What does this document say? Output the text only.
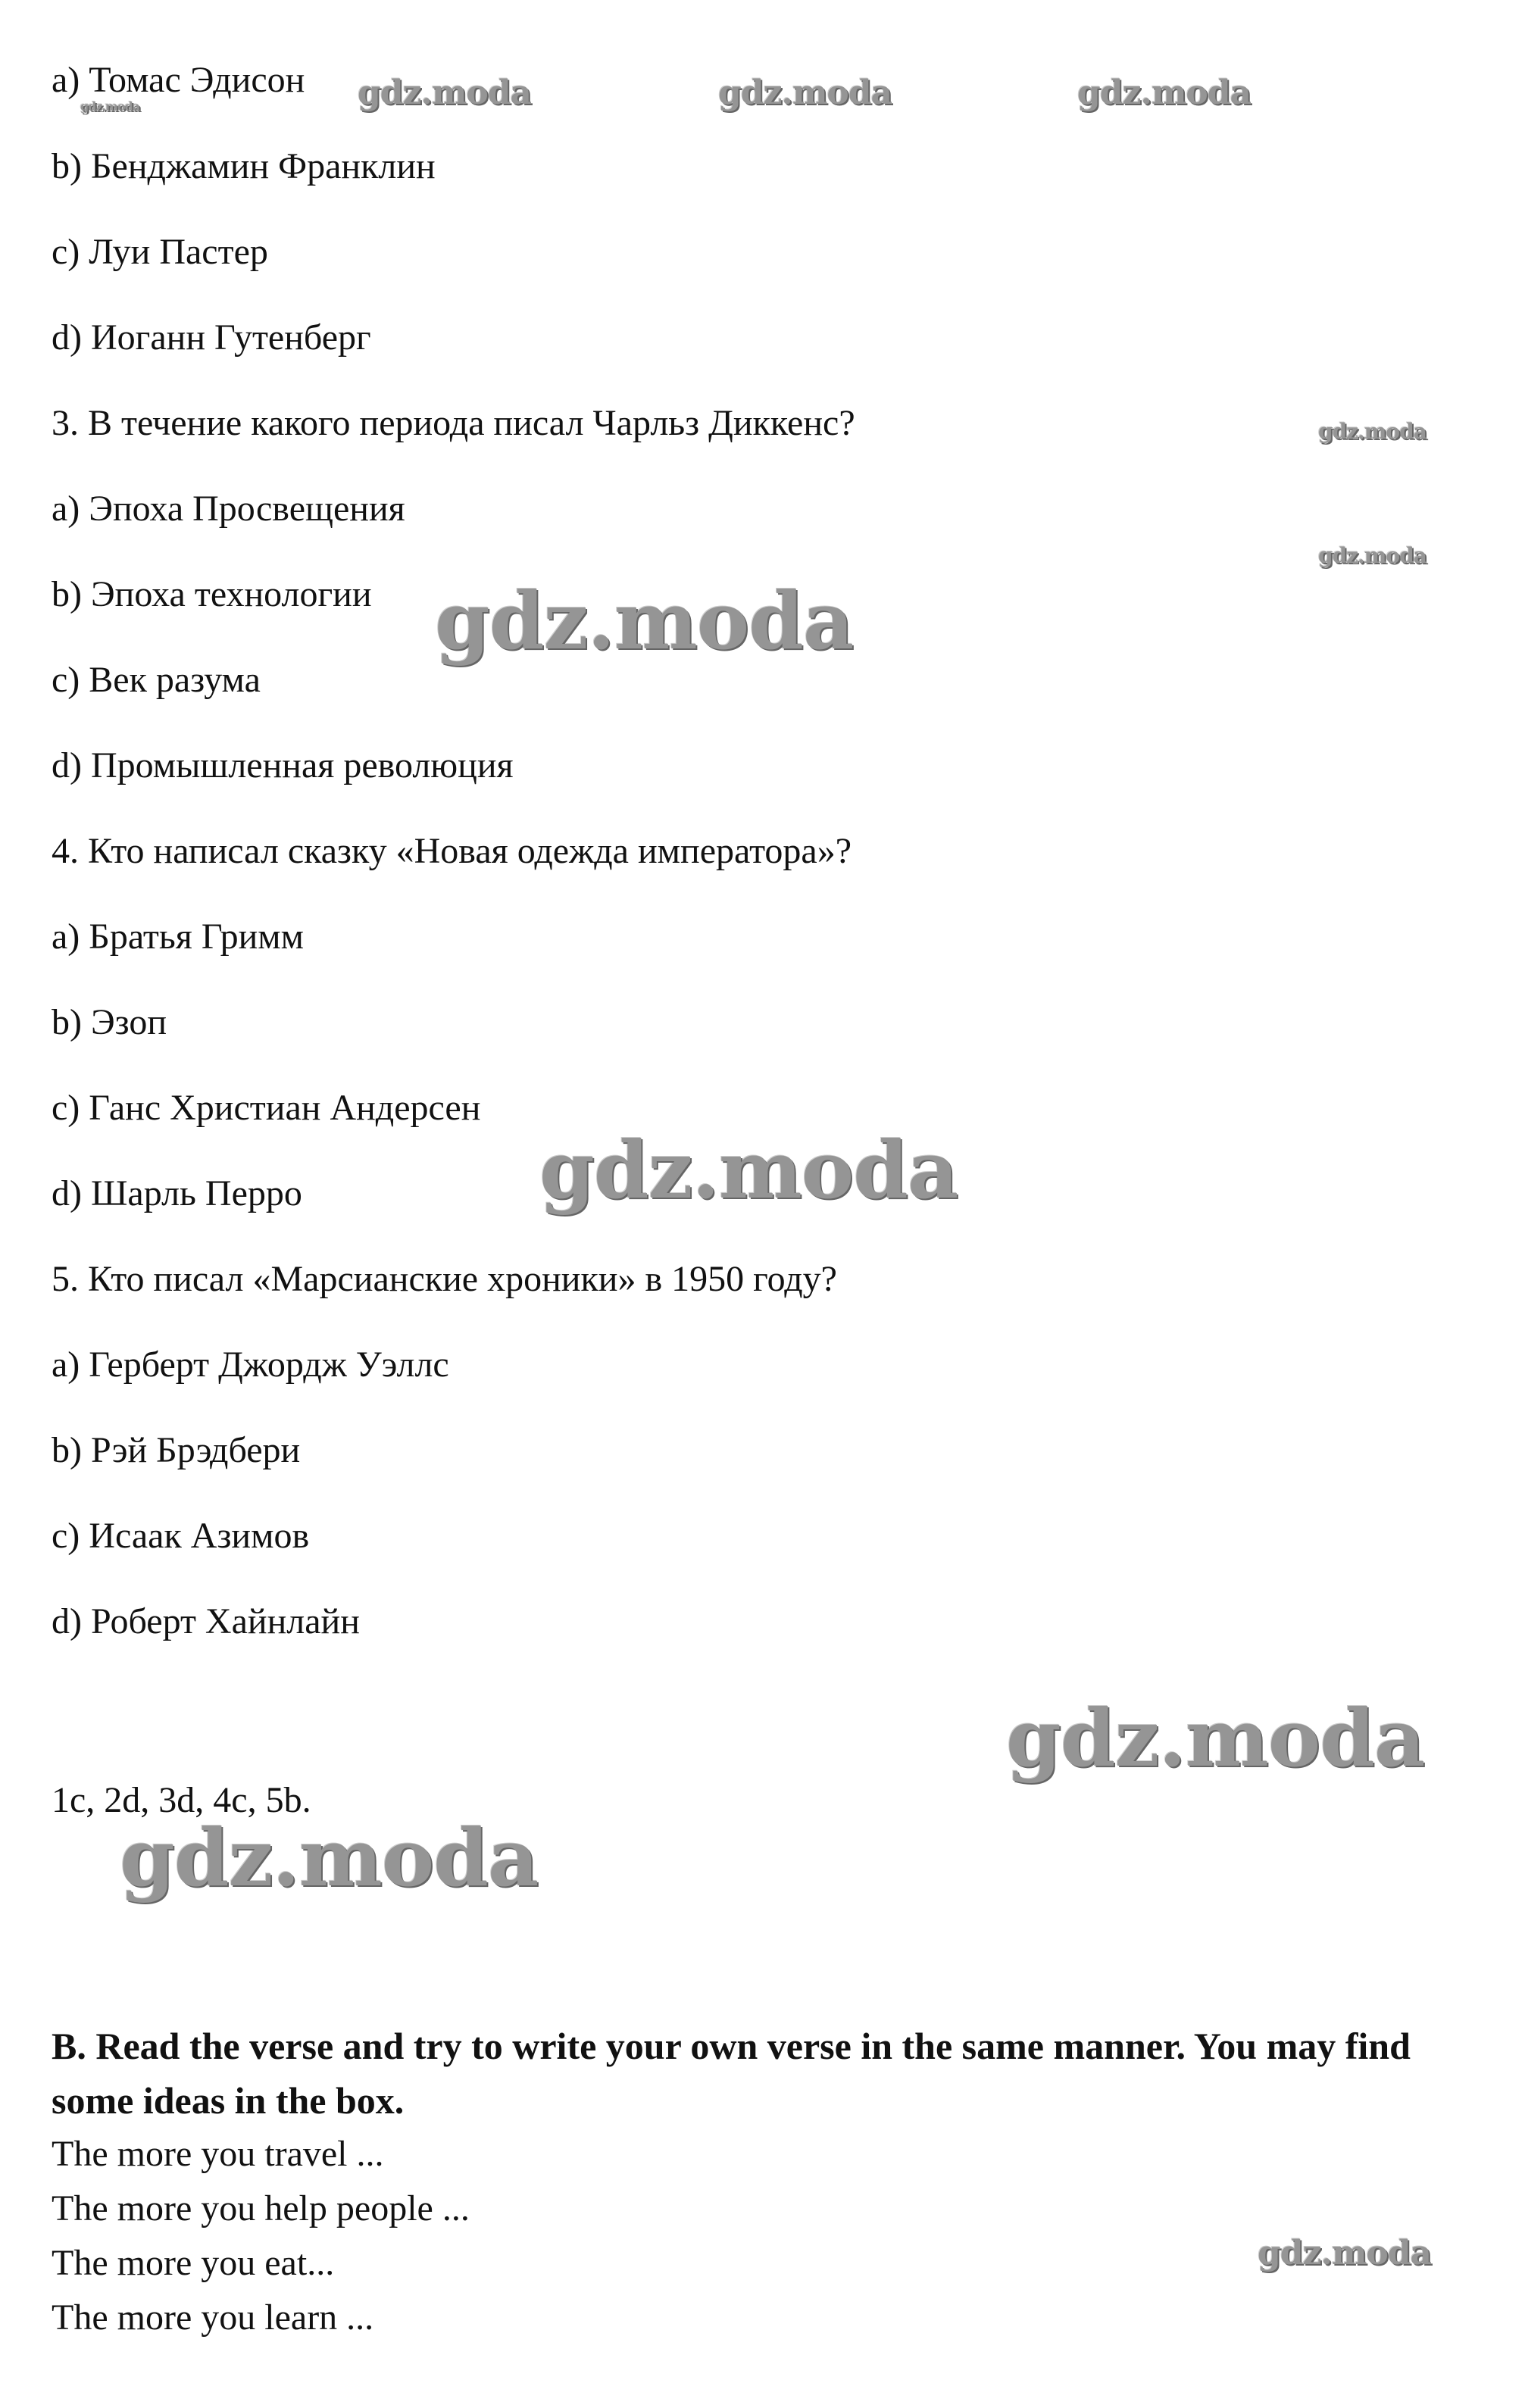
a) Томас Эдисон
b) Бенджамин Франклин
c) Луи Пастер
d) Иоганн Гутенберг
3. В течение какого периода писал Чарльз Диккенс?
a) Эпоха Просвещения
b) Эпоха технологии
c) Век разума
d) Промышленная революция
4. Кто написал сказку «Новая одежда императора»?
a) Братья Гримм
b) Эзоп
c) Ганс Христиан Андерсен
d) Шарль Перро
5. Кто писал «Марсианские хроники» в 1950 году?
a) Герберт Джордж Уэллс
b) Рэй Брэдбери
c) Исаак Азимов
d) Роберт Хайнлайн
1c, 2d, 3d, 4c, 5b.
B. Read the verse and try to write your own verse in the same manner. You may find some ideas in the box.
The more you travel ...
The more you help people ...
The more you eat...
The more you learn ...
gdz.moda	gdz.moda	gdz.moda
gdz.moda
gdz.moda
gdz.moda
gdz.moda
gdz.moda
gdz.moda
gdz.moda
gdz.moda
